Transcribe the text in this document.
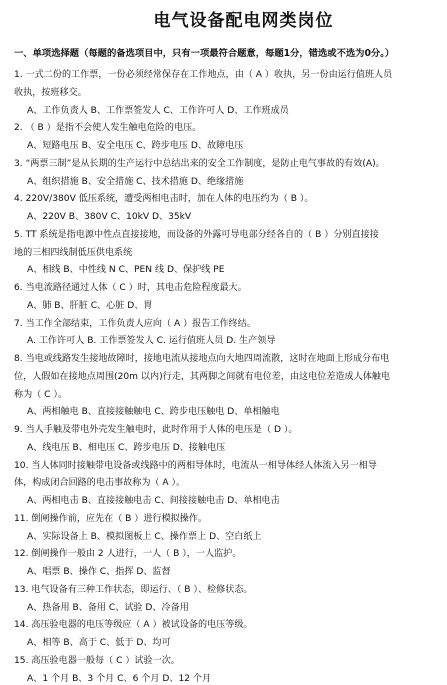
电气设备配电网类岗位
一、单项选择题（每题的备选项目中，只有一项最符合题意，每题1分，错选或不选为0分。）
1. 一式二份的工作票，一份必须经常保存在工作地点，由（ A ）收执，另一份由运行值班人员
收执，按班移交。
A、工作负责人 B、工作票签发人 C、工作许可人 D、工作班成员
2. （ B ）是指不会使人发生触电危险的电压。
A、短路电压 B、安全电压 C、跨步电压 D、故障电压
3. “两票三制”是从长期的生产运行中总结出来的安全工作制度，是防止电气事故的有效(A)。
A、组织措施 B、安全措施 C、技术措施 D、绝缘措施
4. 220V/380V 低压系统，遭受两相电击时，加在人体的电压约为（ B ）。
A、220V B、380V C、10kV D、35kV
5. TT 系统是指电源中性点直接接地，而设备的外露可导电部分经各自的（ B ）分别直接接
地的三相四线制低压供电系统
A、相线 B、中性线 N C、PEN 线 D、保护线 PE
6. 当电流路径通过人体（ C ）时，其电击危险程度最大。
A、肺 B、肝脏 C、心脏 D、胃
7. 当工作全部结束，工作负责人应向（ A ）报告工作终结。
A. 工作许可人 B. 工作票签发人 C. 运行值班人员 D. 生产领导
8. 当电或线路发生接地故障时，接地电流从接地点向大地四周流散，这时在地面上形成分布电
位，人假如在接地点周围(20m 以内)行走，其两脚之间就有电位差，由这电位差造成人体触电
称为（ C ）。
A、两相触电 B、直接接触触电 C、跨步电压触电 D、单相触电
9. 当人手触及带电外壳发生触电时，此时作用于人体的电压是（ D ）。
A、线电压 B、相电压 C、跨步电压 D、接触电压
10. 当人体同时接触带电设备或线路中的两相导体时，电流从一相导体经人体流入另一相导
体，构成闭合回路的电击事故称为（ A ）。
A、两相电击 B、直接接触电击 C、间接接触电击 D、单相电击
11. 倒闸操作前，应先在（ B ）进行模拟操作。
A、实际设备上 B、模拟图板上 C、操作票上 D、空白纸上
12. 倒闸操作一般由 2 人进行，一人（ B ），一人监护。
A、唱票 B、操作 C、指挥 D、监督
13. 电气设备有三种工作状态，即运行、（ B ）、检修状态。
A、热备用 B、备用 C、试验 D、冷备用
14. 高压验电器的电压等级应（ A ）被试设备的电压等级。
A、相等 B、高于 C、低于 D、均可
15. 高压验电器一般每（ C ）试验一次。
A、1 个月 B、3 个月 C、6 个月 D、12 个月
